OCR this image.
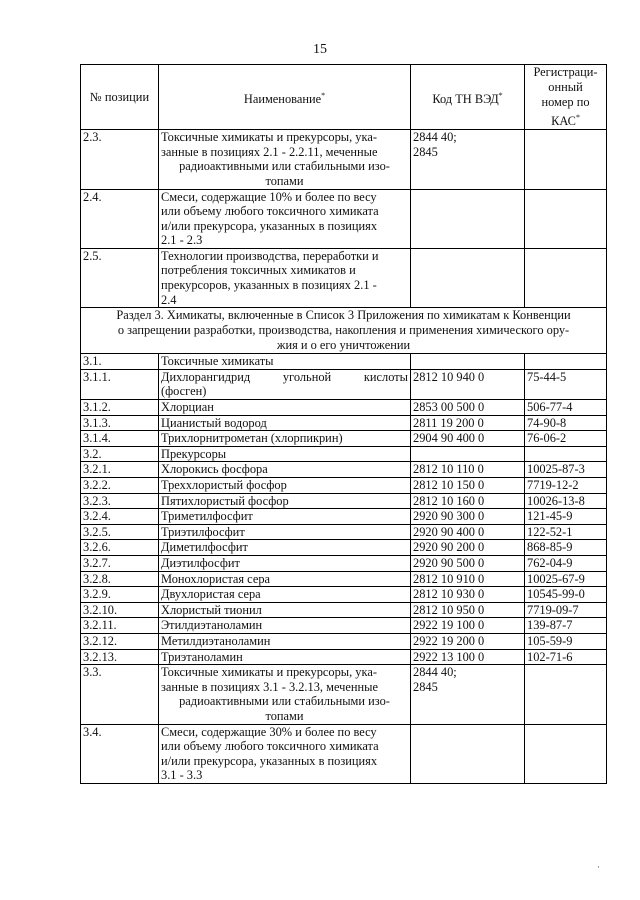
15
№ позиции	Наименование*	Код ТН ВЭД*	Регистраци-
онный
номер по
КАС*
2.3.	Токсичные химикаты и прекурсоры, ука-
занные в позициях 2.1 - 2.2.11, меченные

радиоактивными или стабильными изо-
топами	2844 40;
2845	
2.4.	Смеси, содержащие 10% и более по весу
или объему любого токсичного химиката
и/или прекурсора, указанных в позициях
2.1 - 2.3		
2.5.	Технологии производства, переработки и
потребления токсичных химикатов и
прекурсоров, указанных в позициях 2.1 -
2.4		
Раздел 3. Химикаты, включенные в Список 3 Приложения по химикатам к Конвенции
о запрещении разработки, производства, накопления и применения химического ору-
жия и о его уничтожении			
3.1.	Токсичные химикаты		
3.1.1.	Дихлорангидрид угольной кислоты
(фосген)	2812 10 940 0	75-44-5
3.1.2.	Хлорциан	2853 00 500 0	506-77-4
3.1.3.	Цианистый водород	2811 19 200 0	74-90-8
3.1.4.	Трихлорнитрометан (хлорпикрин)	2904 90 400 0	76-06-2
3.2.	Прекурсоры		
3.2.1.	Хлорокись фосфора	2812 10 110 0	10025-87-3
3.2.2.	Треххлористый фосфор	2812 10 150 0	7719-12-2
3.2.3.	Пятихлористый фосфор	2812 10 160 0	10026-13-8
3.2.4.	Триметилфосфит	2920 90 300 0	121-45-9
3.2.5.	Триэтилфосфит	2920 90 400 0	122-52-1
3.2.6.	Диметилфосфит	2920 90 200 0	868-85-9
3.2.7.	Диэтилфосфит	2920 90 500 0	762-04-9
3.2.8.	Монохлористая сера	2812 10 910 0	10025-67-9
3.2.9.	Двухлористая сера	2812 10 930 0	10545-99-0
3.2.10.	Хлористый тионил	2812 10 950 0	7719-09-7
3.2.11.	Этилдиэтаноламин	2922 19 100 0	139-87-7
3.2.12.	Метилдиэтаноламин	2922 19 200 0	105-59-9
3.2.13.	Триэтаноламин	2922 13 100 0	102-71-6
3.3.	Токсичные химикаты и прекурсоры, ука-
занные в позициях 3.1 - 3.2.13, меченные

радиоактивными или стабильными изо-
топами	2844 40;
2845	
3.4.	Смеси, содержащие 30% и более по весу
или объему любого токсичного химиката
и/или прекурсора, указанных в позициях
3.1 - 3.3		
·
